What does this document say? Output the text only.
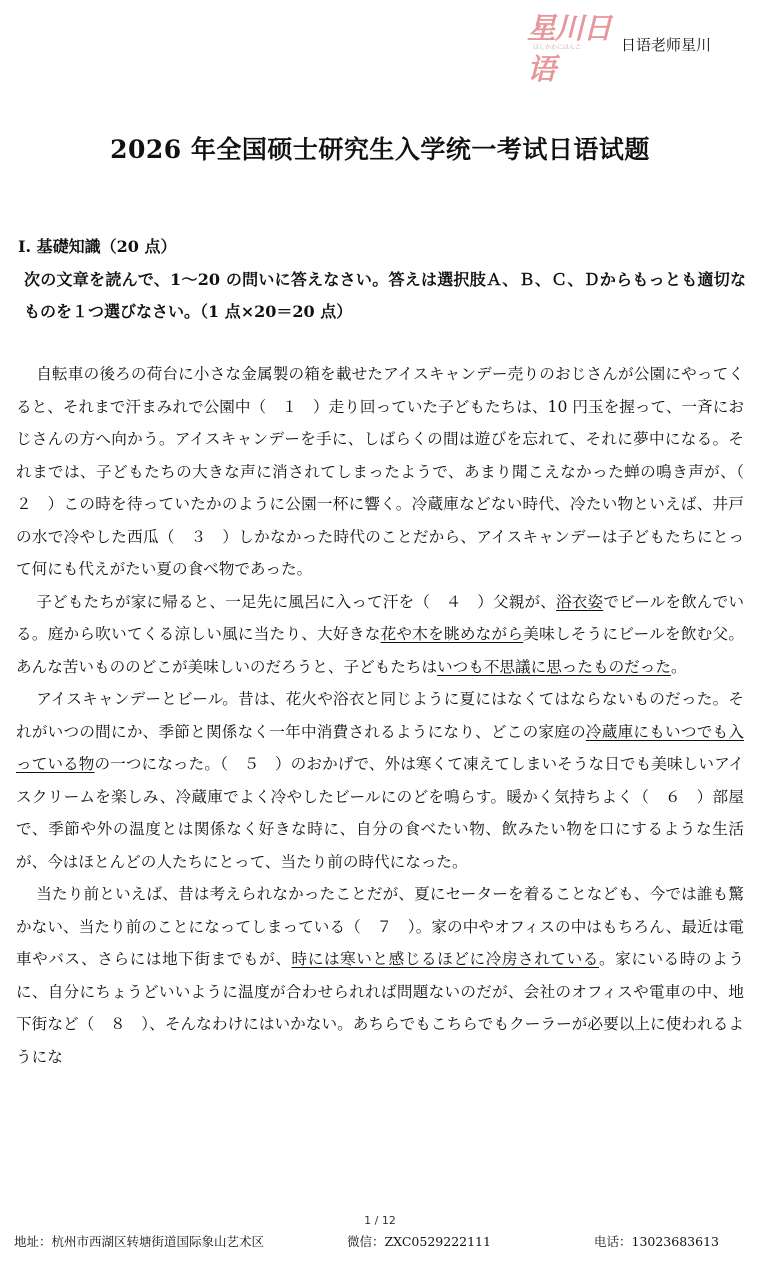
星川日语
ほしかわにほんご	日语老师星川
2026 年全国硕士研究生入学统一考试日语试题
I. 基礎知識（20 点）
次の文章を読んで、1〜20 の問いに答えなさい。答えは選択肢Ａ、Ｂ、Ｃ、Ｄからもっとも適切なものを１つ選びなさい。（1 点×20＝20 点）

自転車の後ろの荷台に小さな金属製の箱を載せたアイスキャンデー売りのおじさんが公園にやってくると、それまで汗まみれで公園中（　１　）走り回っていた子どもたちは、10 円玉を握って、一斉におじさんの方へ向かう。アイスキャンデーを手に、しばらくの間は遊びを忘れて、それに夢中になる。それまでは、子どもたちの大きな声に消されてしまったようで、あまり聞こえなかった蝉の鳴き声が、（　２　）この時を待っていたかのように公園一杯に響く。冷蔵庫などない時代、冷たい物といえば、井戸の水で冷やした西瓜（　３　）しかなかった時代のことだから、アイスキャンデーは子どもたちにとって何にも代えがたい夏の食べ物であった。

子どもたちが家に帰ると、一足先に風呂に入って汗を（　４　）父親が、浴衣姿でビールを飲んでいる。庭から吹いてくる涼しい風に当たり、大好きな花や木を眺めながら美味しそうにビールを飲む父。あんな苦いもののどこが美味しいのだろうと、子どもたちはいつも不思議に思ったものだった。

アイスキャンデーとビール。昔は、花火や浴衣と同じように夏にはなくてはならないものだった。それがいつの間にか、季節と関係なく一年中消費されるようになり、どこの家庭の冷蔵庫にもいつでも入っている物の一つになった。（　５　）のおかげで、外は寒くて凍えてしまいそうな日でも美味しいアイスクリームを楽しみ、冷蔵庫でよく冷やしたビールにのどを鳴らす。暖かく気持ちよく（　６　）部屋で、季節や外の温度とは関係なく好きな時に、自分の食べたい物、飲みたい物を口にするような生活が、今はほとんどの人たちにとって、当たり前の時代になった。

当たり前といえば、昔は考えられなかったことだが、夏にセーターを着ることなども、今では誰も驚かない、当たり前のことになってしまっている（　７　）。家の中やオフィスの中はもちろん、最近は電車やバス、さらには地下街までもが、時には寒いと感じるほどに冷房されている。家にいる時のように、自分にちょうどいいように温度が合わせられれば問題ないのだが、会社のオフィスや電車の中、地下街など（　８　）、そんなわけにはいかない。あちらでもこちらでもクーラーが必要以上に使われるようにな

1 / 12
地址：杭州市西湖区转塘街道国际象山艺术区	微信：ZXC0529222111	电话：13023683613
